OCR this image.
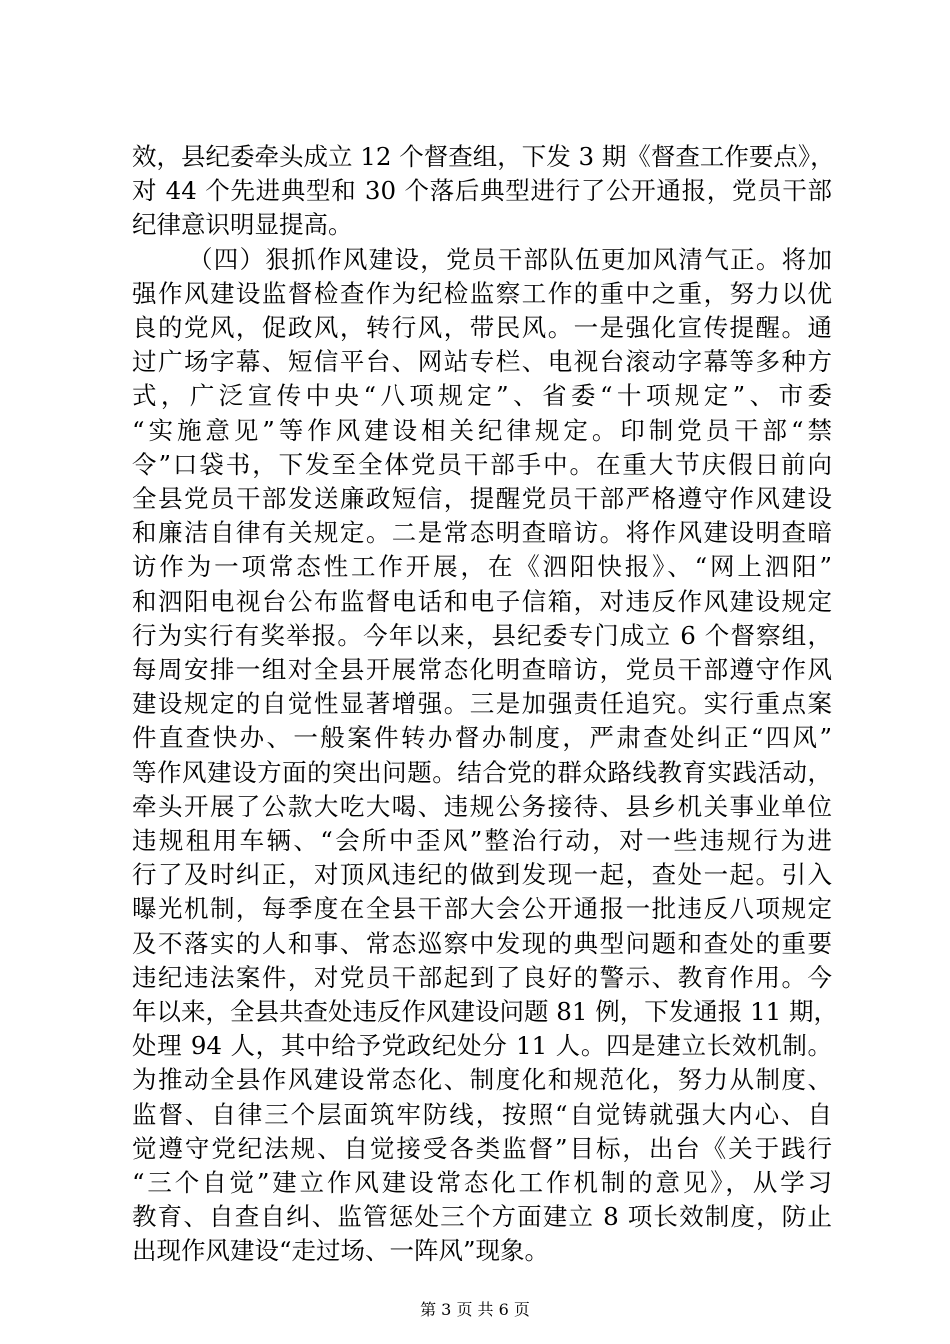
效，县纪委牵头成立 12 个督查组，下发 3 期《督查工作要点》，
对 44 个先进典型和 30 个落后典型进行了公开通报，党员干部
纪律意识明显提高。
（四）狠抓作风建设，党员干部队伍更加风清气正。将加
强作风建设监督检查作为纪检监察工作的重中之重，努力以优
良的党风，促政风，转行风，带民风。一是强化宣传提醒。通
过广场字幕、短信平台、网站专栏、电视台滚动字幕等多种方
式，广泛宣传中央“八项规定”、省委“十项规定”、市委
“实施意见”等作风建设相关纪律规定。印制党员干部“禁
令”口袋书，下发至全体党员干部手中。在重大节庆假日前向
全县党员干部发送廉政短信，提醒党员干部严格遵守作风建设
和廉洁自律有关规定。二是常态明查暗访。将作风建设明查暗
访作为一项常态性工作开展，在《泗阳快报》、“网上泗阳”
和泗阳电视台公布监督电话和电子信箱，对违反作风建设规定
行为实行有奖举报。今年以来，县纪委专门成立 6 个督察组，
每周安排一组对全县开展常态化明查暗访，党员干部遵守作风
建设规定的自觉性显著增强。三是加强责任追究。实行重点案
件直查快办、一般案件转办督办制度，严肃查处纠正“四风”
等作风建设方面的突出问题。结合党的群众路线教育实践活动，
牵头开展了公款大吃大喝、违规公务接待、县乡机关事业单位
违规租用车辆、“会所中歪风”整治行动，对一些违规行为进
行了及时纠正，对顶风违纪的做到发现一起，查处一起。引入
曝光机制，每季度在全县干部大会公开通报一批违反八项规定
及不落实的人和事、常态巡察中发现的典型问题和查处的重要
违纪违法案件，对党员干部起到了良好的警示、教育作用。今
年以来，全县共查处违反作风建设问题 81 例，下发通报 11 期，
处理 94 人，其中给予党政纪处分 11 人。四是建立长效机制。
为推动全县作风建设常态化、制度化和规范化，努力从制度、
监督、自律三个层面筑牢防线，按照“自觉铸就强大内心、自
觉遵守党纪法规、自觉接受各类监督”目标，出台《关于践行
“三个自觉”建立作风建设常态化工作机制的意见》，从学习
教育、自查自纠、监管惩处三个方面建立 8 项长效制度，防止
出现作风建设“走过场、一阵风”现象。
第 3 页 共 6 页
